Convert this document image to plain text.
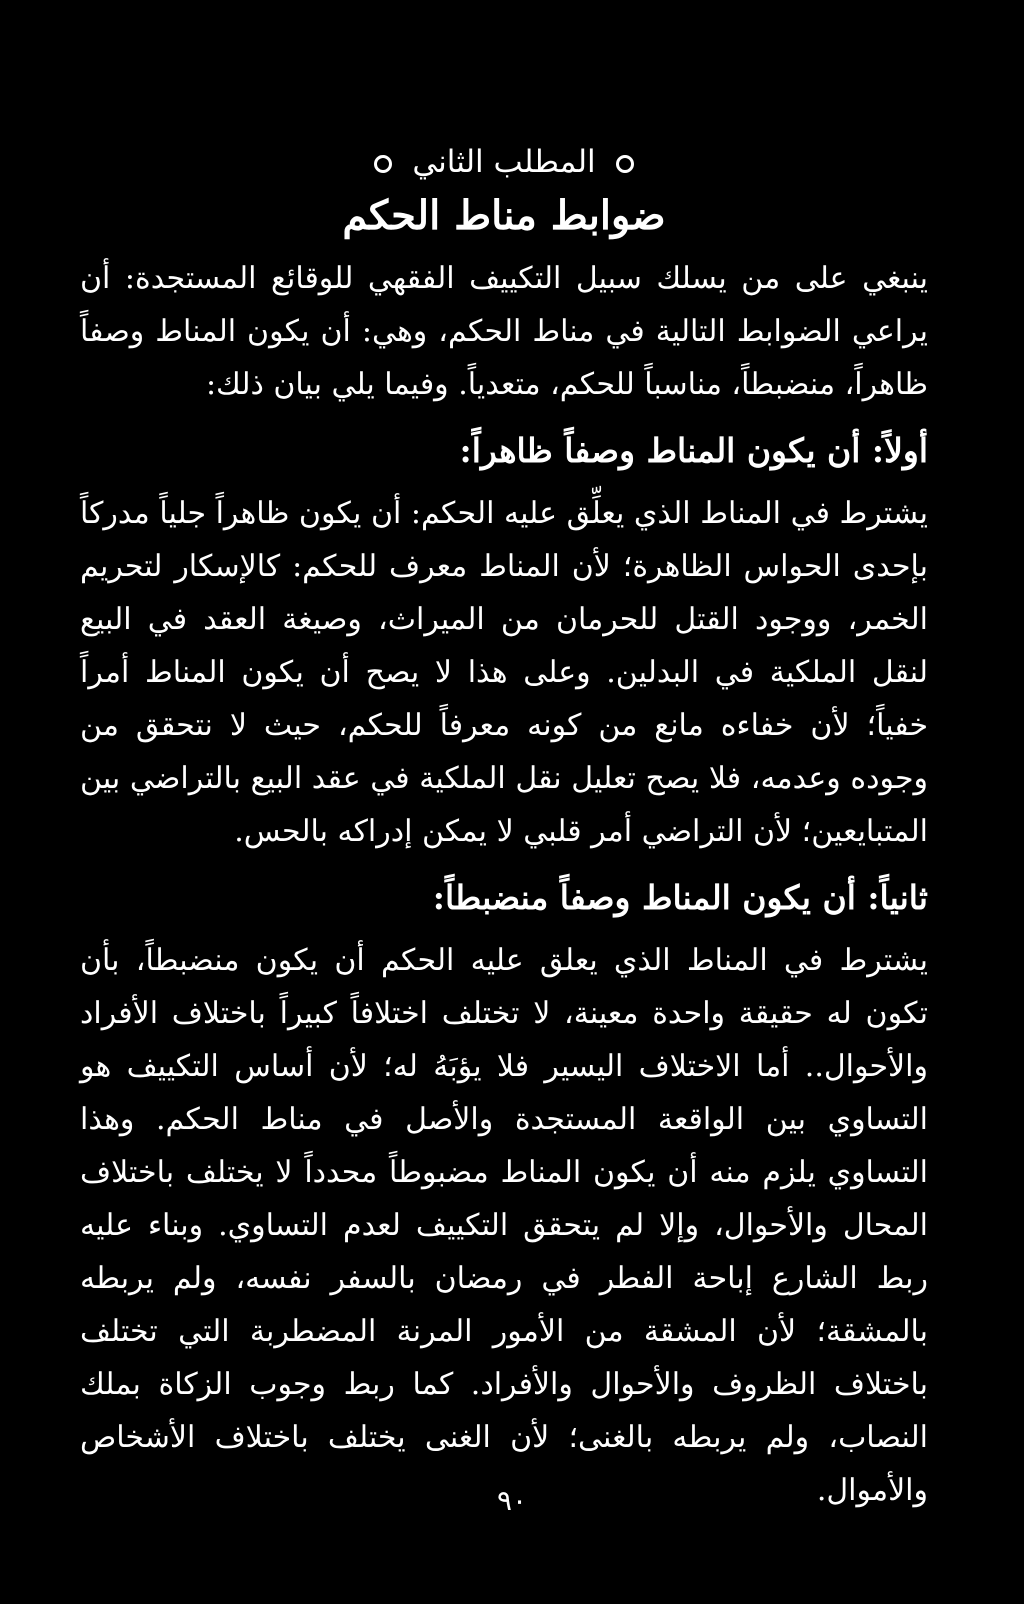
المطلب الثاني
ضوابط مناط الحكم

ينبغي على من يسلك سبيل التكييف الفقهي للوقائع المستجدة: أن يراعي الضوابط التالية في مناط الحكم، وهي: أن يكون المناط وصفاً ظاهراً، منضبطاً، مناسباً للحكم، متعدياً. وفيما يلي بيان ذلك:

أولاً: أن يكون المناط وصفاً ظاهراً:

يشترط في المناط الذي يعلِّق عليه الحكم: أن يكون ظاهراً جلياً مدركاً بإحدى الحواس الظاهرة؛ لأن المناط معرف للحكم: كالإسكار لتحريم الخمر، ووجود القتل للحرمان من الميراث، وصيغة العقد في البيع لنقل الملكية في البدلين. وعلى هذا لا يصح أن يكون المناط أمراً خفياً؛ لأن خفاءه مانع من كونه معرفاً للحكم، حيث لا نتحقق من وجوده وعدمه، فلا يصح تعليل نقل الملكية في عقد البيع بالتراضي بين المتبايعين؛ لأن التراضي أمر قلبي لا يمكن إدراكه بالحس.

ثانياً: أن يكون المناط وصفاً منضبطاً:

يشترط في المناط الذي يعلق عليه الحكم أن يكون منضبطاً، بأن تكون له حقيقة واحدة معينة، لا تختلف اختلافاً كبيراً باختلاف الأفراد والأحوال.. أما الاختلاف اليسير فلا يؤبَهُ له؛ لأن أساس التكييف هو التساوي بين الواقعة المستجدة والأصل في مناط الحكم. وهذا التساوي يلزم منه أن يكون المناط مضبوطاً محدداً لا يختلف باختلاف المحال والأحوال، وإلا لم يتحقق التكييف لعدم التساوي. وبناء عليه ربط الشارع إباحة الفطر في رمضان بالسفر نفسه، ولم يربطه بالمشقة؛ لأن المشقة من الأمور المرنة المضطربة التي تختلف باختلاف الظروف والأحوال والأفراد. كما ربط وجوب الزكاة بملك النصاب، ولم يربطه بالغنى؛ لأن الغنى يختلف باختلاف الأشخاص والأموال.

٩٠
